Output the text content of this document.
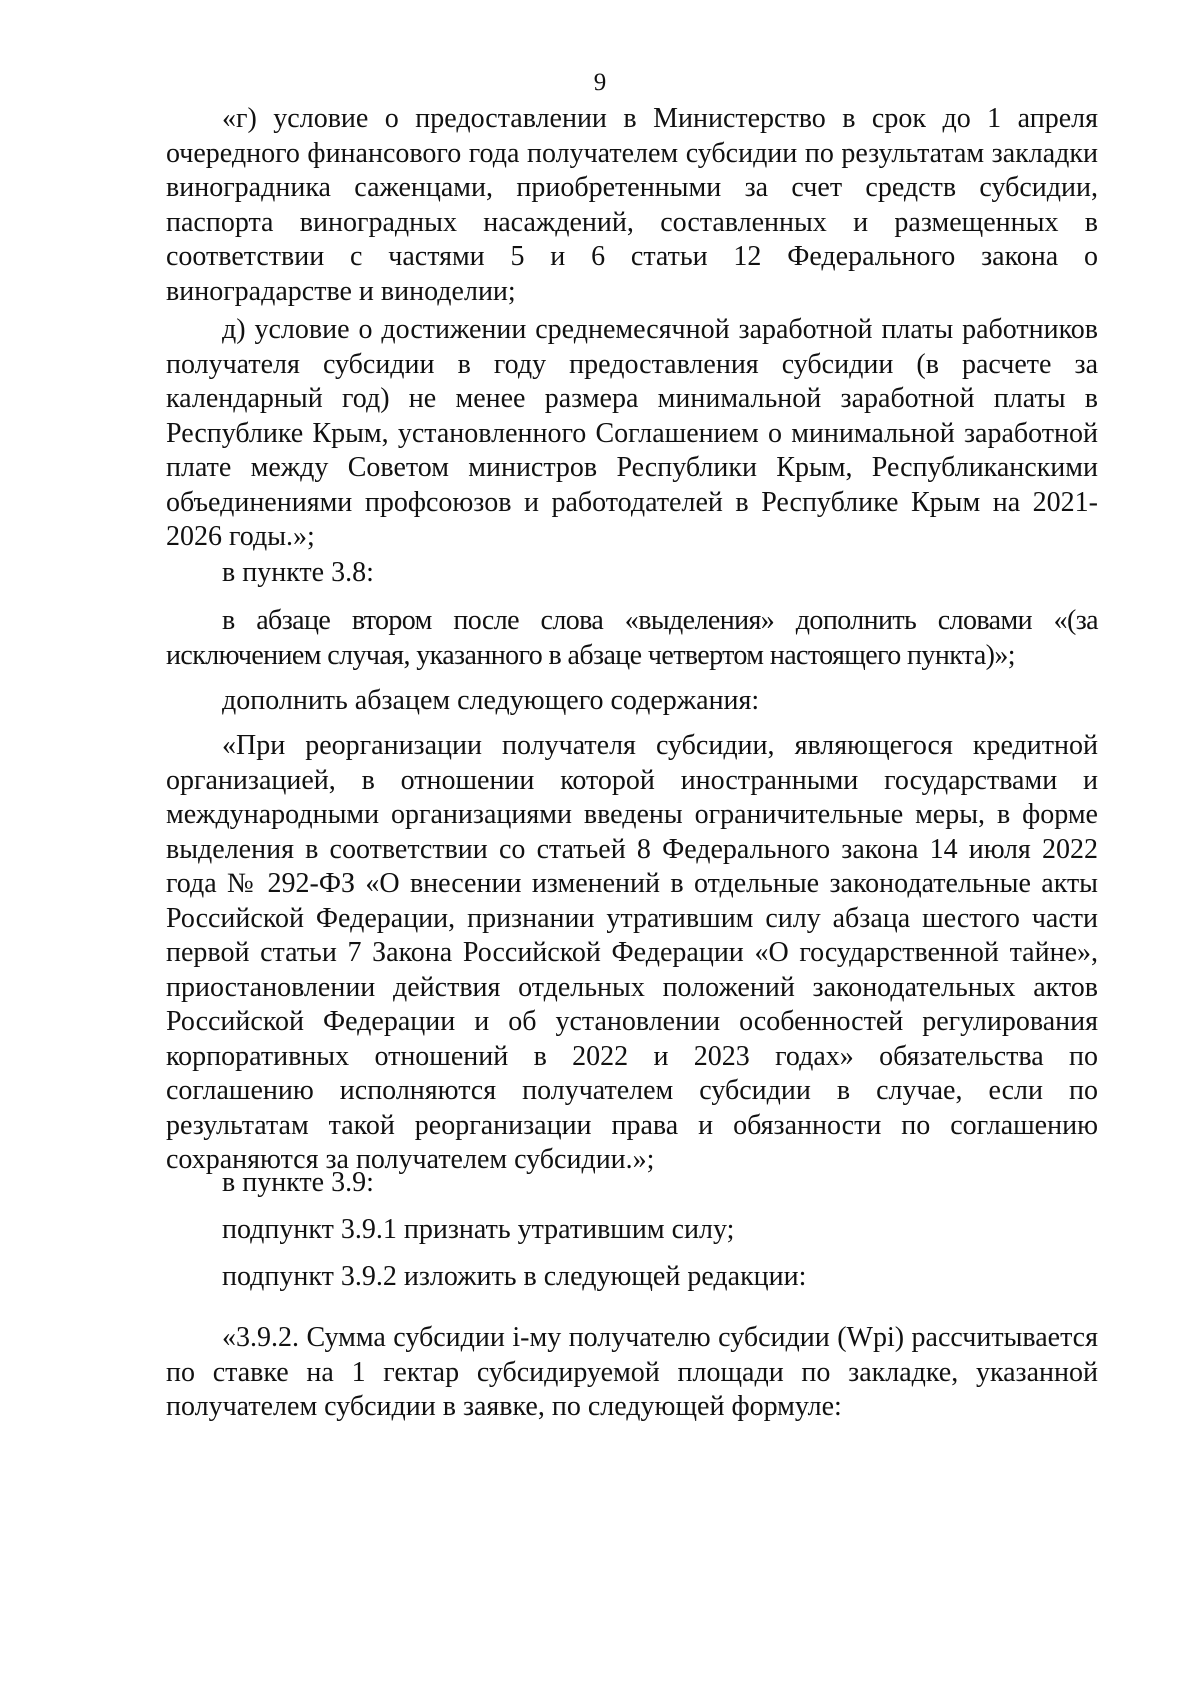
9

«г) условие о предоставлении в Министерство в срок до 1 апреля очередного финансового года получателем субсидии по результатам закладки виноградника саженцами, приобретенными за счет средств субсидии, паспорта виноградных насаждений, составленных и размещенных в соответствии с частями 5 и 6 статьи 12 Федерального закона о виноградарстве и виноделии;

д) условие о достижении среднемесячной заработной платы работников получателя субсидии в году предоставления субсидии (в расчете за календарный год) не менее размера минимальной заработной платы в Республике Крым, установленного Соглашением о минимальной заработной плате между Советом министров Республики Крым, Республиканскими объединениями профсоюзов и работодателей в Республике Крым на 2021-2026 годы.»;

в пункте 3.8:

в абзаце втором после слова «выделения» дополнить словами «(за исключением случая, указанного в абзаце четвертом настоящего пункта)»;

дополнить абзацем следующего содержания:

«При реорганизации получателя субсидии, являющегося кредитной организацией, в отношении которой иностранными государствами и международными организациями введены ограничительные меры, в форме выделения в соответствии со статьей 8 Федерального закона 14 июля 2022 года № 292-ФЗ «О внесении изменений в отдельные законодательные акты Российской Федерации, признании утратившим силу абзаца шестого части первой статьи 7 Закона Российской Федерации «О государственной тайне», приостановлении действия отдельных положений законодательных актов Российской Федерации и об установлении особенностей регулирования корпоративных отношений в 2022 и 2023 годах» обязательства по соглашению исполняются получателем субсидии в случае, если по результатам такой реорганизации права и обязанности по соглашению сохраняются за получателем субсидии.»;

в пункте 3.9:

подпункт 3.9.1 признать утратившим силу;

подпункт 3.9.2 изложить в следующей редакции:

«3.9.2. Сумма субсидии i-му получателю субсидии (Wpi) рассчитывается по ставке на 1 гектар субсидируемой площади по закладке, указанной получателем субсидии в заявке, по следующей формуле:
